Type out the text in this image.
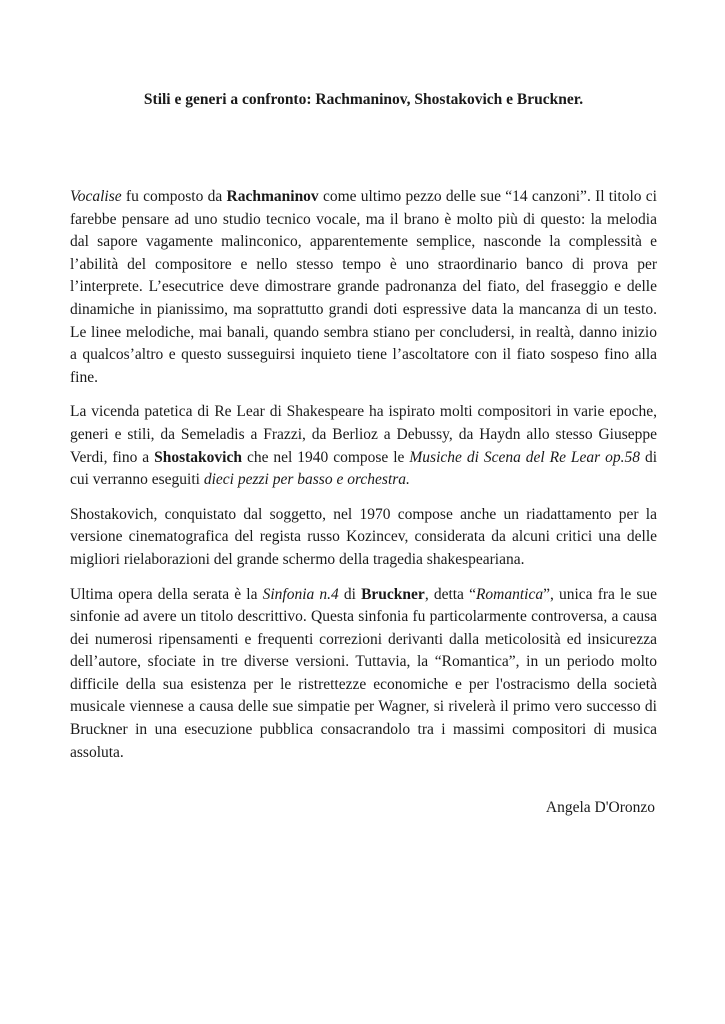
Stili e generi a confronto: Rachmaninov, Shostakovich e Bruckner.

Vocalise fu composto da Rachmaninov come ultimo pezzo delle sue “14 canzoni”. Il titolo ci farebbe pensare ad uno studio tecnico vocale, ma il brano è molto più di questo: la melodia dal sapore vagamente malinconico, apparentemente semplice, nasconde la complessità e l’abilità del compositore e nello stesso tempo è uno straordinario banco di prova per l’interprete. L’esecutrice deve dimostrare grande padronanza del fiato, del fraseggio e delle dinamiche in pianissimo, ma soprattutto grandi doti espressive data la mancanza di un testo. Le linee melodiche, mai banali, quando sembra stiano per concludersi, in realtà, danno inizio a qualcos’altro e questo susseguirsi inquieto tiene l’ascoltatore con il fiato sospeso fino alla fine.

La vicenda patetica di Re Lear di Shakespeare ha ispirato molti compositori in varie epoche, generi e stili, da Semeladis a Frazzi, da Berlioz a Debussy, da Haydn allo stesso Giuseppe Verdi, fino a Shostakovich che nel 1940 compose le Musiche di Scena del Re Lear op.58 di cui verranno eseguiti dieci pezzi per basso e orchestra.

Shostakovich, conquistato dal soggetto, nel 1970 compose anche un riadattamento per la versione cinematografica del regista russo Kozincev, considerata da alcuni critici una delle migliori rielaborazioni del grande schermo della tragedia shakespeariana.

Ultima opera della serata è la Sinfonia n.4 di Bruckner, detta “Romantica”, unica fra le sue sinfonie ad avere un titolo descrittivo. Questa sinfonia fu particolarmente controversa, a causa dei numerosi ripensamenti e frequenti correzioni derivanti dalla meticolosità ed insicurezza dell’autore, sfociate in tre diverse versioni. Tuttavia, la “Romantica”, in un periodo molto difficile della sua esistenza per le ristrettezze economiche e per l'ostracismo della società musicale viennese a causa delle sue simpatie per Wagner, si rivelerà il primo vero successo di Bruckner in una esecuzione pubblica consacrandolo tra i massimi compositori di musica assoluta.

Angela D'Oronzo
